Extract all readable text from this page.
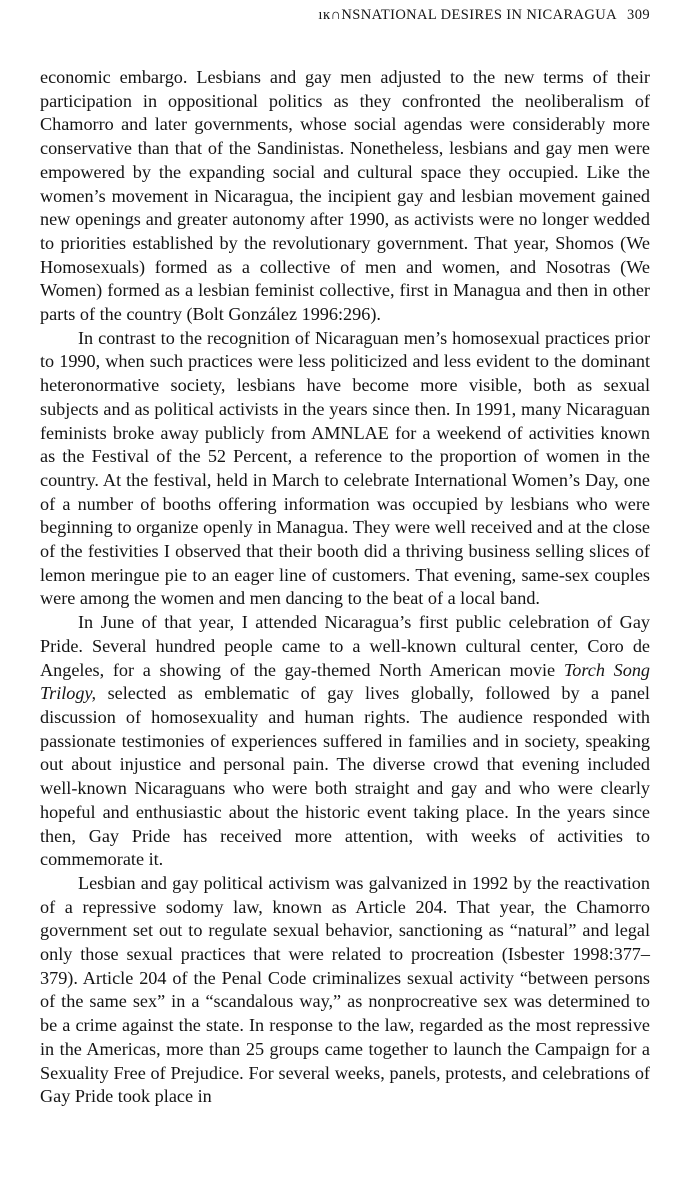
ıĸ∩NSNATIONAL DESIRES IN NICARAGUA 309

economic embargo. Lesbians and gay men adjusted to the new terms of their participation in oppositional politics as they confronted the neoliberalism of Chamorro and later governments, whose social agendas were considerably more conservative than that of the Sandinistas. Nonetheless, lesbians and gay men were empowered by the expanding social and cultural space they occupied. Like the women’s movement in Nicaragua, the incipient gay and lesbian movement gained new openings and greater autonomy after 1990, as activists were no longer wedded to priorities established by the revolutionary government. That year, Shomos (We Homosexuals) formed as a collective of men and women, and Nosotras (We Women) formed as a lesbian feminist collective, first in Managua and then in other parts of the country (Bolt González 1996:296).

In contrast to the recognition of Nicaraguan men’s homosexual practices prior to 1990, when such practices were less politicized and less evident to the dominant heteronormative society, lesbians have become more visible, both as sexual subjects and as political activists in the years since then. In 1991, many Nicaraguan feminists broke away publicly from AMNLAE for a weekend of activities known as the Festival of the 52 Percent, a reference to the proportion of women in the country. At the festival, held in March to celebrate International Women’s Day, one of a number of booths offering information was occupied by lesbians who were beginning to organize openly in Managua. They were well received and at the close of the festivities I observed that their booth did a thriving business selling slices of lemon meringue pie to an eager line of customers. That evening, same-sex couples were among the women and men dancing to the beat of a local band.

In June of that year, I attended Nicaragua’s first public celebration of Gay Pride. Several hundred people came to a well-known cultural center, Coro de Angeles, for a showing of the gay-themed North American movie Torch Song Trilogy, selected as emblematic of gay lives globally, followed by a panel discussion of homosexuality and human rights. The audience responded with passionate testimonies of experiences suffered in families and in society, speaking out about injustice and personal pain. The diverse crowd that evening included well-known Nicaraguans who were both straight and gay and who were clearly hopeful and enthusiastic about the historic event taking place. In the years since then, Gay Pride has received more attention, with weeks of activities to commemorate it.

Lesbian and gay political activism was galvanized in 1992 by the reactivation of a repressive sodomy law, known as Article 204. That year, the Chamorro government set out to regulate sexual behavior, sanctioning as “natural” and legal only those sexual practices that were related to procreation (Isbester 1998:377–379). Article 204 of the Penal Code criminalizes sexual activity “between persons of the same sex” in a “scandalous way,” as nonprocreative sex was determined to be a crime against the state. In response to the law, regarded as the most repressive in the Americas, more than 25 groups came together to launch the Campaign for a Sexuality Free of Prejudice. For several weeks, panels, protests, and celebrations of Gay Pride took place in
